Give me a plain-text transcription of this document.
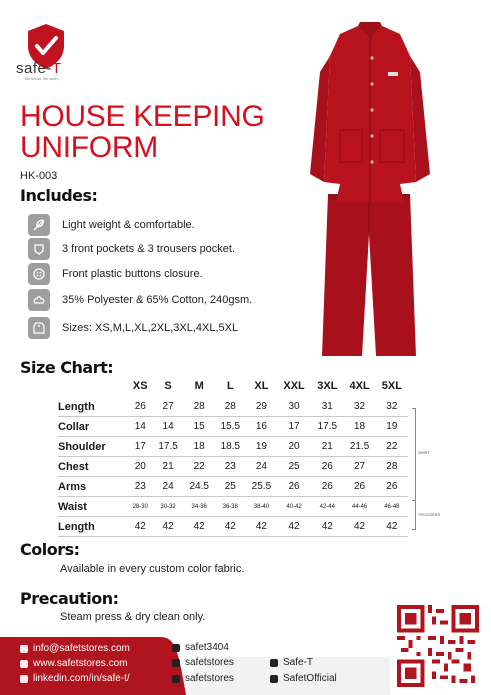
safe-T
Be smart. Be safe!
HOUSE KEEPING
UNIFORM
HK-003
Includes:
Light weight & comfortable.
3 front pockets & 3 trousers pocket.
Front plastic buttons closure.
35% Polyester & 65% Cotton, 240gsm.
Sizes: XS,M,L,XL,2XL,3XL,4XL,5XL
Size Chart:
	XS	S	M	L	XL	XXL	3XL	4XL	5XL
Length	26	27	28	28	29	30	31	32	32
Collar	14	14	15	15.5	16	17	17.5	18	19
Shoulder	17	17.5	18	18.5	19	20	21	21.5	22
Chest	20	21	22	23	24	25	26	27	28
Arms	23	24	24.5	25	25.5	26	26	26	26
Waist	28-30	30-32	34-36	36-38	38-40	40-42	42-44	44-46	46-48
Length	42	42	42	42	42	42	42	42	42
SHIRT
TROUSERS
Colors:
Available in every custom color fabric.
Precaution:
Steam press & dry clean only.
info@safetstores.com
www.safetstores.com
linkedin.com/in/safe-t/
safet3404
safetstores
safetstores
Safe-T
SafetOfficial
